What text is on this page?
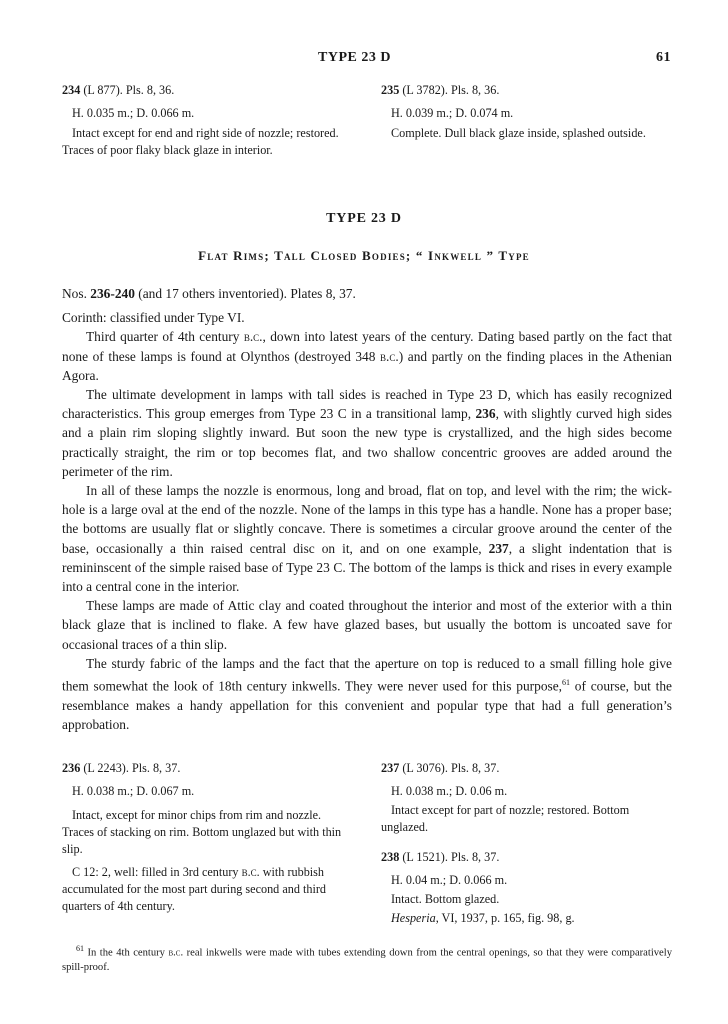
TYPE 23 D	61

234 (L 877). Pls. 8, 36.

H. 0.035 m.; D. 0.066 m.

Intact except for end and right side of nozzle; restored. Traces of poor flaky black glaze in interior.

235 (L 3782). Pls. 8, 36.

H. 0.039 m.; D. 0.074 m.

Complete. Dull black glaze inside, splashed outside.

TYPE 23 D
Flat Rims; Tall Closed Bodies; “ Inkwell ” Type

Nos. 236-240 (and 17 others inventoried). Plates 8, 37.

Corinth: classified under Type VI.

Third quarter of 4th century b.c., down into latest years of the century. Dating based partly on the fact that none of these lamps is found at Olynthos (destroyed 348 b.c.) and partly on the finding places in the Athenian Agora.

The ultimate development in lamps with tall sides is reached in Type 23 D, which has easily recognized characteristics. This group emerges from Type 23 C in a transitional lamp, 236, with slightly curved high sides and a plain rim sloping slightly inward. But soon the new type is crystallized, and the high sides become practically straight, the rim or top becomes flat, and two shallow concentric grooves are added around the perimeter of the rim.

In all of these lamps the nozzle is enormous, long and broad, flat on top, and level with the rim; the wick-hole is a large oval at the end of the nozzle. None of the lamps in this type has a handle. None has a proper base; the bottoms are usually flat or slightly concave. There is sometimes a circular groove around the center of the base, occasionally a thin raised central disc on it, and on one example, 237, a slight indentation that is remininscent of the simple raised base of Type 23 C. The bottom of the lamps is thick and rises in every example into a central cone in the interior.

These lamps are made of Attic clay and coated throughout the interior and most of the exterior with a thin black glaze that is inclined to flake. A few have glazed bases, but usually the bottom is uncoated save for occasional traces of a thin slip.

The sturdy fabric of the lamps and the fact that the aperture on top is reduced to a small filling hole give them somewhat the look of 18th century inkwells. They were never used for this purpose,$^{61}$ of course, but the resemblance makes a handy appellation for this convenient and popular type that had a full generation’s approbation.

236 (L 2243). Pls. 8, 37.

H. 0.038 m.; D. 0.067 m.

Intact, except for minor chips from rim and nozzle. Traces of stacking on rim. Bottom unglazed but with thin slip.

C 12: 2, well: filled in 3rd century b.c. with rubbish accumulated for the most part during second and third quarters of 4th century.

237 (L 3076). Pls. 8, 37.

H. 0.038 m.; D. 0.06 m.

Intact except for part of nozzle; restored. Bottom unglazed.

238 (L 1521). Pls. 8, 37.

H. 0.04 m.; D. 0.066 m.

Intact. Bottom glazed.

Hesperia, VI, 1937, p. 165, fig. 98, g.

$^{61}$ In the 4th century b.c. real inkwells were made with tubes extending down from the central openings, so that they were comparatively spill-proof.
